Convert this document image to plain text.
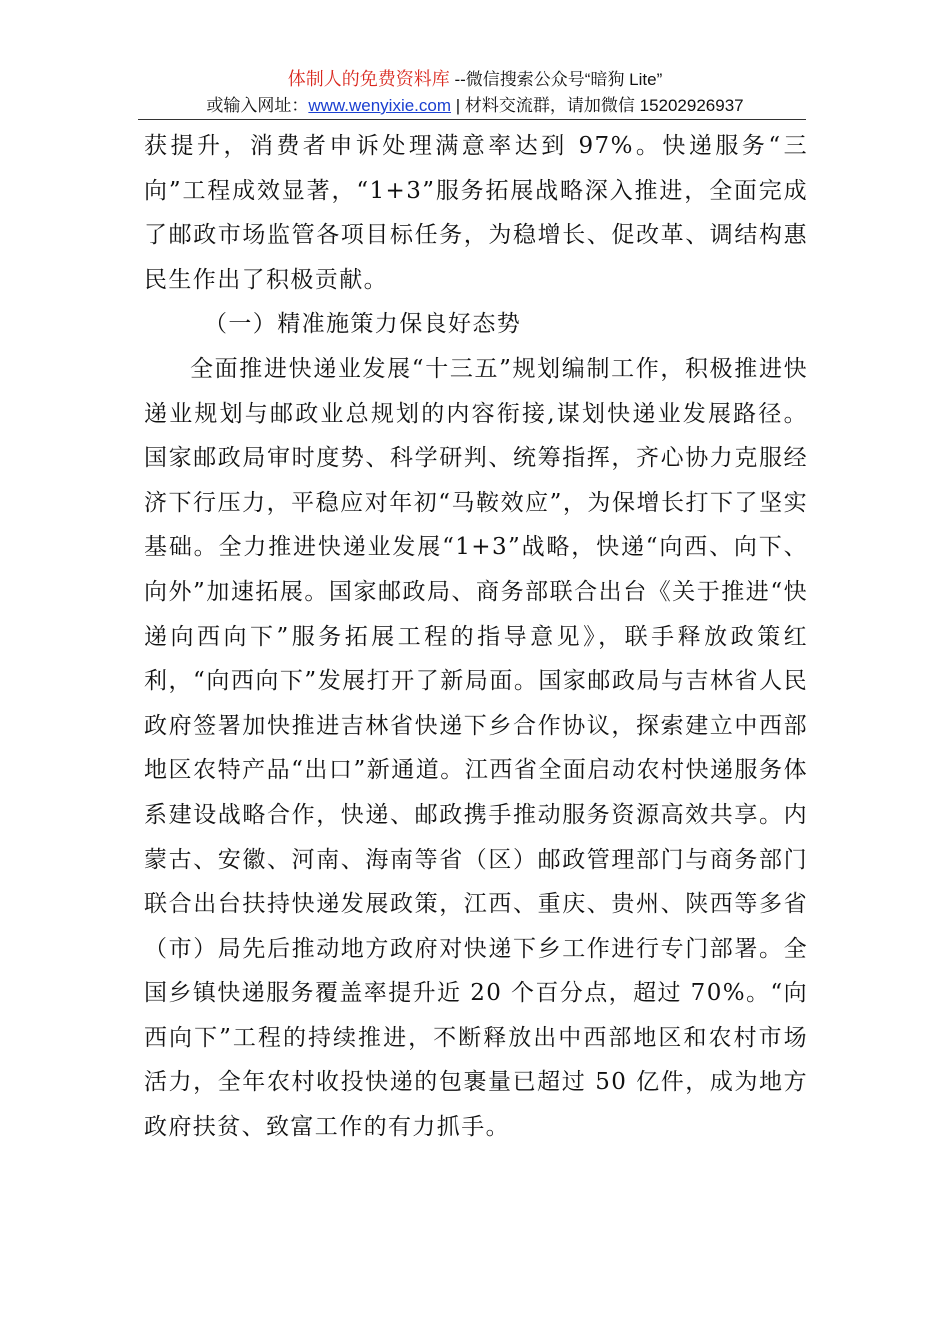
体制人的免费资料库 --微信搜索公众号“暗狗 Lite”
或输入网址：www.wenyixie.com | 材料交流群，请加微信 15202926937

获提升，消费者申诉处理满意率达到 97%。快递服务“三向”工程成效显著，“1+3”服务拓展战略深入推进，全面完成了邮政市场监管各项目标任务，为稳增长、促改革、调结构惠民生作出了积极贡献。

（一）精准施策力保良好态势

全面推进快递业发展“十三五”规划编制工作，积极推进快递业规划与邮政业总规划的内容衔接,谋划快递业发展路径。国家邮政局审时度势、科学研判、统筹指挥，齐心协力克服经济下行压力，平稳应对年初“马鞍效应”，为保增长打下了坚实基础。全力推进快递业发展“1+3”战略，快递“向西、向下、向外”加速拓展。国家邮政局、商务部联合出台《关于推进“快递向西向下”服务拓展工程的指导意见》，联手释放政策红利，“向西向下”发展打开了新局面。国家邮政局与吉林省人民政府签署加快推进吉林省快递下乡合作协议，探索建立中西部地区农特产品“出口”新通道。江西省全面启动农村快递服务体系建设战略合作，快递、邮政携手推动服务资源高效共享。内蒙古、安徽、河南、海南等省（区）邮政管理部门与商务部门联合出台扶持快递发展政策，江西、重庆、贵州、陕西等多省（市）局先后推动地方政府对快递下乡工作进行专门部署。全国乡镇快递服务覆盖率提升近 20 个百分点，超过 70%。“向西向下”工程的持续推进，不断释放出中西部地区和农村市场活力，全年农村收投快递的包裹量已超过 50 亿件，成为地方政府扶贫、致富工作的有力抓手。
